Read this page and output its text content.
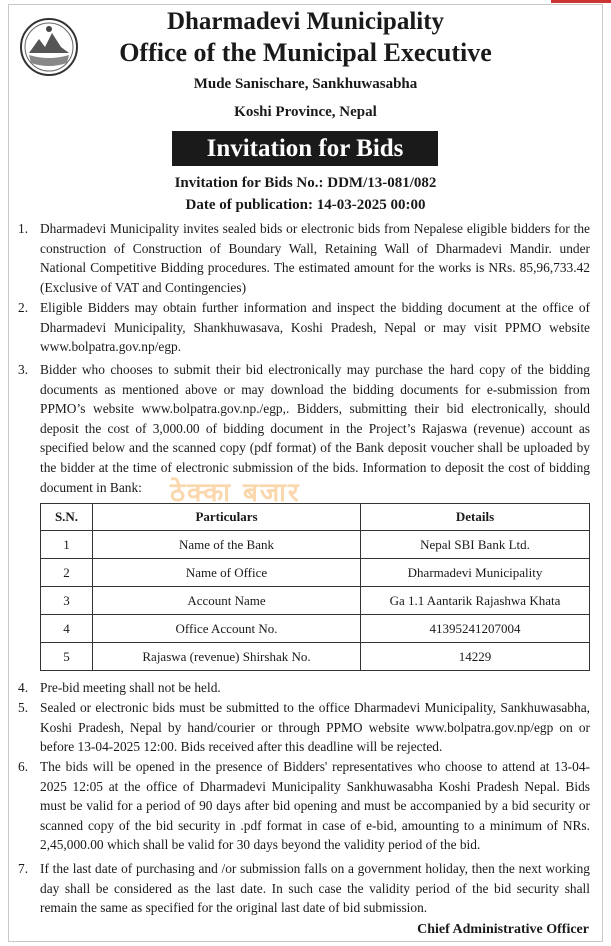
Dharmadevi Municipality
Office of the Municipal Executive
Mude Sanischare, Sankhuwasabha
Koshi Province, Nepal
Invitation for Bids
Invitation for Bids No.: DDM/13-081/082
Date of publication: 14-03-2025 00:00
1. Dharmadevi Municipality invites sealed bids or electronic bids from Nepalese eligible bidders for the construction of Construction of Boundary Wall, Retaining Wall of Dharmadevi Mandir. under National Competitive Bidding procedures. The estimated amount for the works is NRs. 85,96,733.42 (Exclusive of VAT and Contingencies)
2. Eligible Bidders may obtain further information and inspect the bidding document at the office of Dharmadevi Municipality, Shankhuwasava, Koshi Pradesh, Nepal or may visit PPMO website www.bolpatra.gov.np/egp.
3. Bidder who chooses to submit their bid electronically may purchase the hard copy of the bidding documents as mentioned above or may download the bidding documents for e-submission from PPMO’s website www.bolpatra.gov.np./egp,. Bidders, submitting their bid electronically, should deposit the cost of 3,000.00 of bidding document in the Project’s Rajaswa (revenue) account as specified below and the scanned copy (pdf format) of the Bank deposit voucher shall be uploaded by the bidder at the time of electronic submission of the bids. Information to deposit the cost of bidding document in Bank:	ठेक्का बजार
S.N.	Particulars	Details
1	Name of the Bank	Nepal SBI Bank Ltd.
2	Name of Office	Dharmadevi Municipality
3	Account Name	Ga 1.1 Aantarik Rajashwa Khata
4	Office Account No.	41395241207004
5	Rajaswa (revenue) Shirshak No.	14229
4. Pre-bid meeting shall not be held.
5. Sealed or electronic bids must be submitted to the office Dharmadevi Municipality, Sankhuwasabha, Koshi Pradesh, Nepal by hand/courier or through PPMO website www.bolpatra.gov.np/egp on or before 13-04-2025 12:00. Bids received after this deadline will be rejected.
6. The bids will be opened in the presence of Bidders' representatives who choose to attend at 13-04-2025 12:05 at the office of Dharmadevi Municipality Sankhuwasabha Koshi Pradesh Nepal. Bids must be valid for a period of 90 days after bid opening and must be accompanied by a bid security or scanned copy of the bid security in .pdf format in case of e-bid, amounting to a minimum of NRs. 2,45,000.00 which shall be valid for 30 days beyond the validity period of the bid.
7. If the last date of purchasing and /or submission falls on a government holiday, then the next working day shall be considered as the last date. In such case the validity period of the bid security shall remain the same as specified for the original last date of bid submission.
Chief Administrative Officer
